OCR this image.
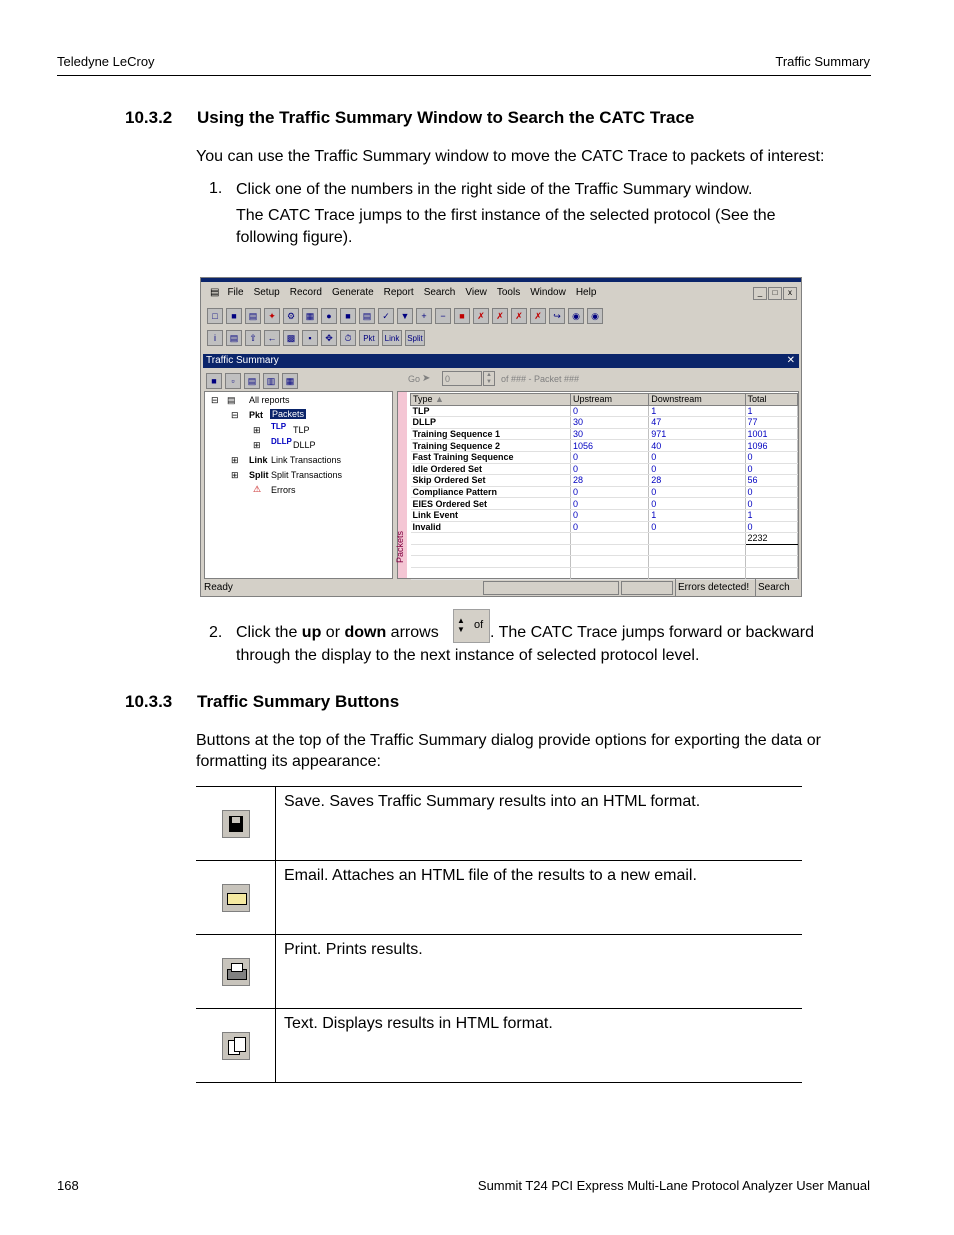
Teledyne LeCroy	Traffic Summary
10.3.2 Using the Traffic Summary Window to Search the CATC Trace
You can use the Traffic Summary window to move the CATC Trace to packets of interest:
1. Click one of the numbers in the right side of the Traffic Summary window.
The CATC Trace jumps to the first instance of the selected protocol (See the
following figure).
▤ File	Setup	Record	Generate	Report	Search	View	Tools	Window	Help	_	□	x
□	■	▤	✦	⚙	▦	●	■	▤	✓	▼	+	−	■	✗	✗	✗	✗	↪	◉	◉
i	▤	⇧	←	▩	▪	✥	⏱	Pkt	Link Split
Traffic Summary	✕
■	▫	▤	▥	▦	Go ➤	0	▲
▼	of ### - Packet ###
⊟ ▤ All reports
⊟ Pkt Packets
⊞ TLP TLP
⊞ DLLP DLLP
⊞ Link Link Transactions
⊞ Split Split Transactions
⚠ Errors
Packets
Type ▲	Upstream	Downstream	Total
TLP	0	1	1
DLLP	30	47	77
Training Sequence 1	30	971	1001
Training Sequence 2	1056	40	1096
Fast Training Sequence	0	0	0
Idle Ordered Set	0	0	0
Skip Ordered Set	28	28	56
Compliance Pattern	0	0	0
EIES Ordered Set	0	0	0
Link Event	0	1	1
Invalid	0	0	0
			2232

Ready	Errors detected! Search
2. Click the up or down arrows
▲
▼ of . The CATC Trace jumps forward or backward
through the display to the next instance of selected protocol level.
10.3.3 Traffic Summary Buttons
Buttons at the top of the Traffic Summary dialog provide options for exporting the data or
formatting its appearance:
	Save. Saves Traffic Summary results into an HTML format.

	Email. Attaches an HTML file of the results to a new email.

	Print. Prints results.

	Text. Displays results in HTML format.
168	Summit T24 PCI Express Multi-Lane Protocol Analyzer User Manual
